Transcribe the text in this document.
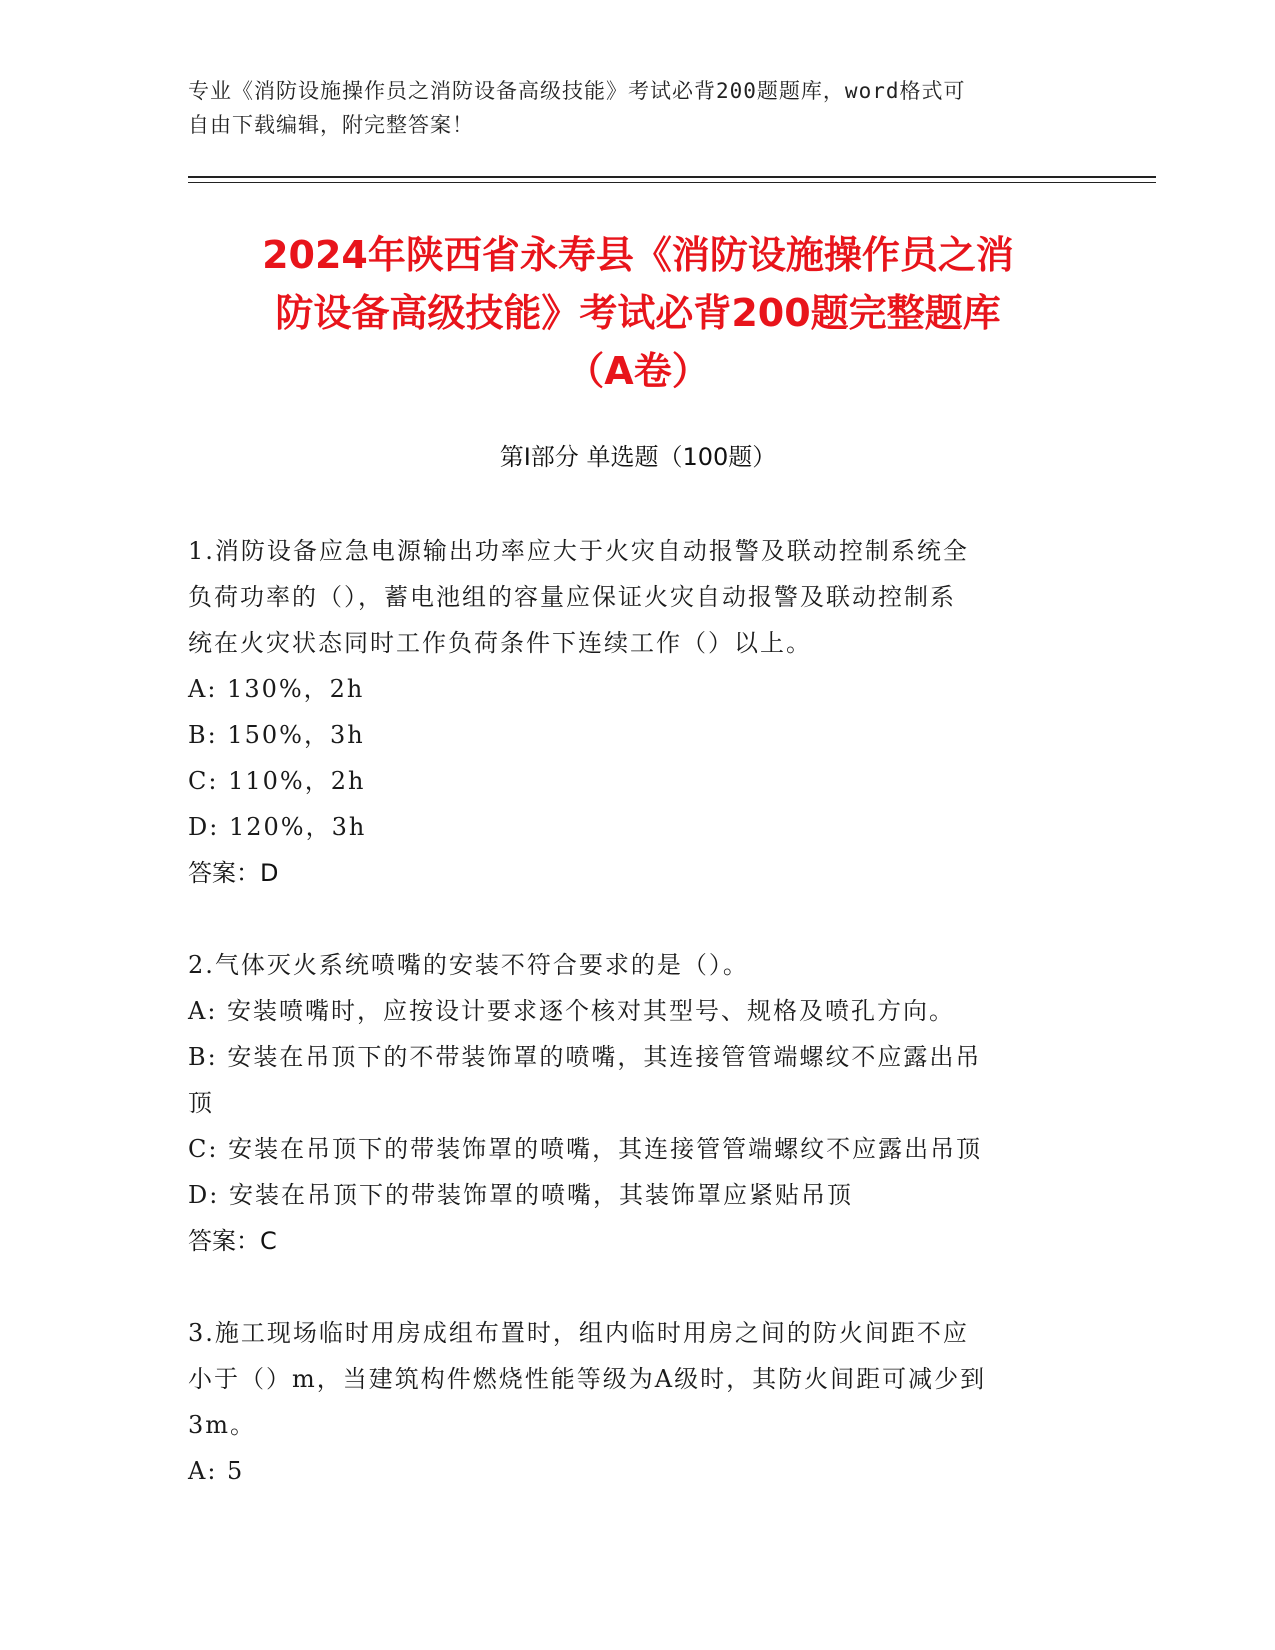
专业《消防设施操作员之消防设备高级技能》考试必背200题题库，word格式可
自由下载编辑，附完整答案！
2024年陕西省永寿县《消防设施操作员之消
防设备高级技能》考试必背200题完整题库
（A卷）
第I部分 单选题（100题）
1.消防设备应急电源输出功率应大于火灾自动报警及联动控制系统全
负荷功率的（），蓄电池组的容量应保证火灾自动报警及联动控制系
统在火灾状态同时工作负荷条件下连续工作（）以上。
A: 130%，2h
B: 150%，3h
C: 110%，2h
D: 120%，3h
答案：D
2.气体灭火系统喷嘴的安装不符合要求的是（）。
A: 安装喷嘴时，应按设计要求逐个核对其型号、规格及喷孔方向。
B: 安装在吊顶下的不带装饰罩的喷嘴，其连接管管端螺纹不应露出吊
顶
C: 安装在吊顶下的带装饰罩的喷嘴，其连接管管端螺纹不应露出吊顶
D: 安装在吊顶下的带装饰罩的喷嘴，其装饰罩应紧贴吊顶
答案：C
3.施工现场临时用房成组布置时，组内临时用房之间的防火间距不应
小于（）m，当建筑构件燃烧性能等级为A级时，其防火间距可减少到
3m。
A: 5
